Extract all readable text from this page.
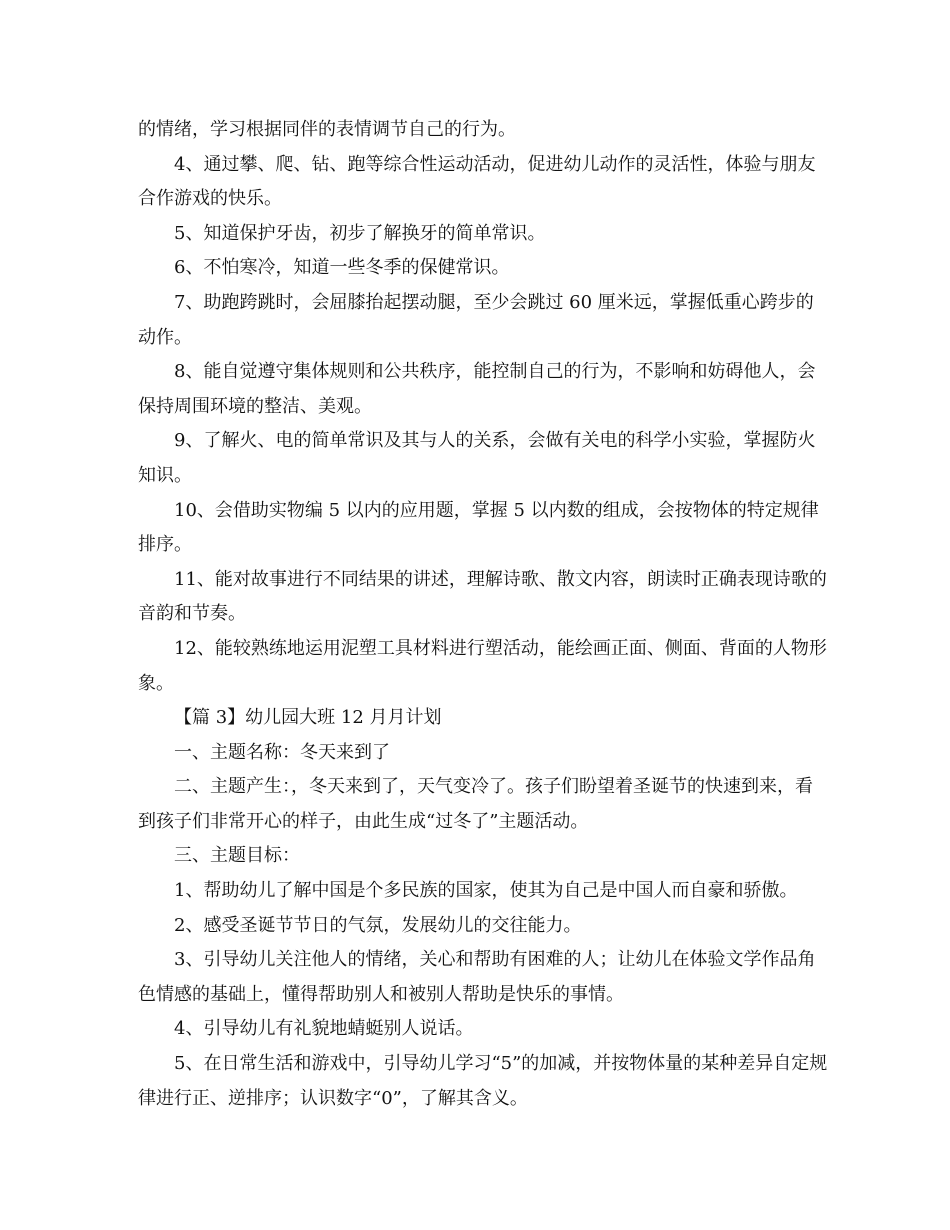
的情绪，学习根据同伴的表情调节自己的行为。

4、通过攀、爬、钻、跑等综合性运动活动，促进幼儿动作的灵活性，体验与朋友合作游戏的快乐。

5、知道保护牙齿，初步了解换牙的简单常识。

6、不怕寒冷，知道一些冬季的保健常识。

7、助跑跨跳时，会屈膝抬起摆动腿，至少会跳过 60 厘米远，掌握低重心跨步的动作。

8、能自觉遵守集体规则和公共秩序，能控制自己的行为，不影响和妨碍他人，会保持周围环境的整洁、美观。

9、了解火、电的简单常识及其与人的关系，会做有关电的科学小实验，掌握防火知识。

10、会借助实物编 5 以内的应用题，掌握 5 以内数的组成，会按物体的特定规律排序。

11、能对故事进行不同结果的讲述，理解诗歌、散文内容，朗读时正确表现诗歌的音韵和节奏。

12、能较熟练地运用泥塑工具材料进行塑活动，能绘画正面、侧面、背面的人物形象。

【篇 3】幼儿园大班 12 月月计划

一、主题名称：冬天来到了

二、主题产生：，冬天来到了，天气变冷了。孩子们盼望着圣诞节的快速到来，看到孩子们非常开心的样子，由此生成“过冬了”主题活动。

三、主题目标：

1、帮助幼儿了解中国是个多民族的国家，使其为自己是中国人而自豪和骄傲。

2、感受圣诞节节日的气氛，发展幼儿的交往能力。

3、引导幼儿关注他人的情绪，关心和帮助有困难的人；让幼儿在体验文学作品角色情感的基础上，懂得帮助别人和被别人帮助是快乐的事情。

4、引导幼儿有礼貌地蜻蜓别人说话。

5、在日常生活和游戏中，引导幼儿学习“5”的加减，并按物体量的某种差异自定规律进行正、逆排序；认识数字“0”，了解其含义。
